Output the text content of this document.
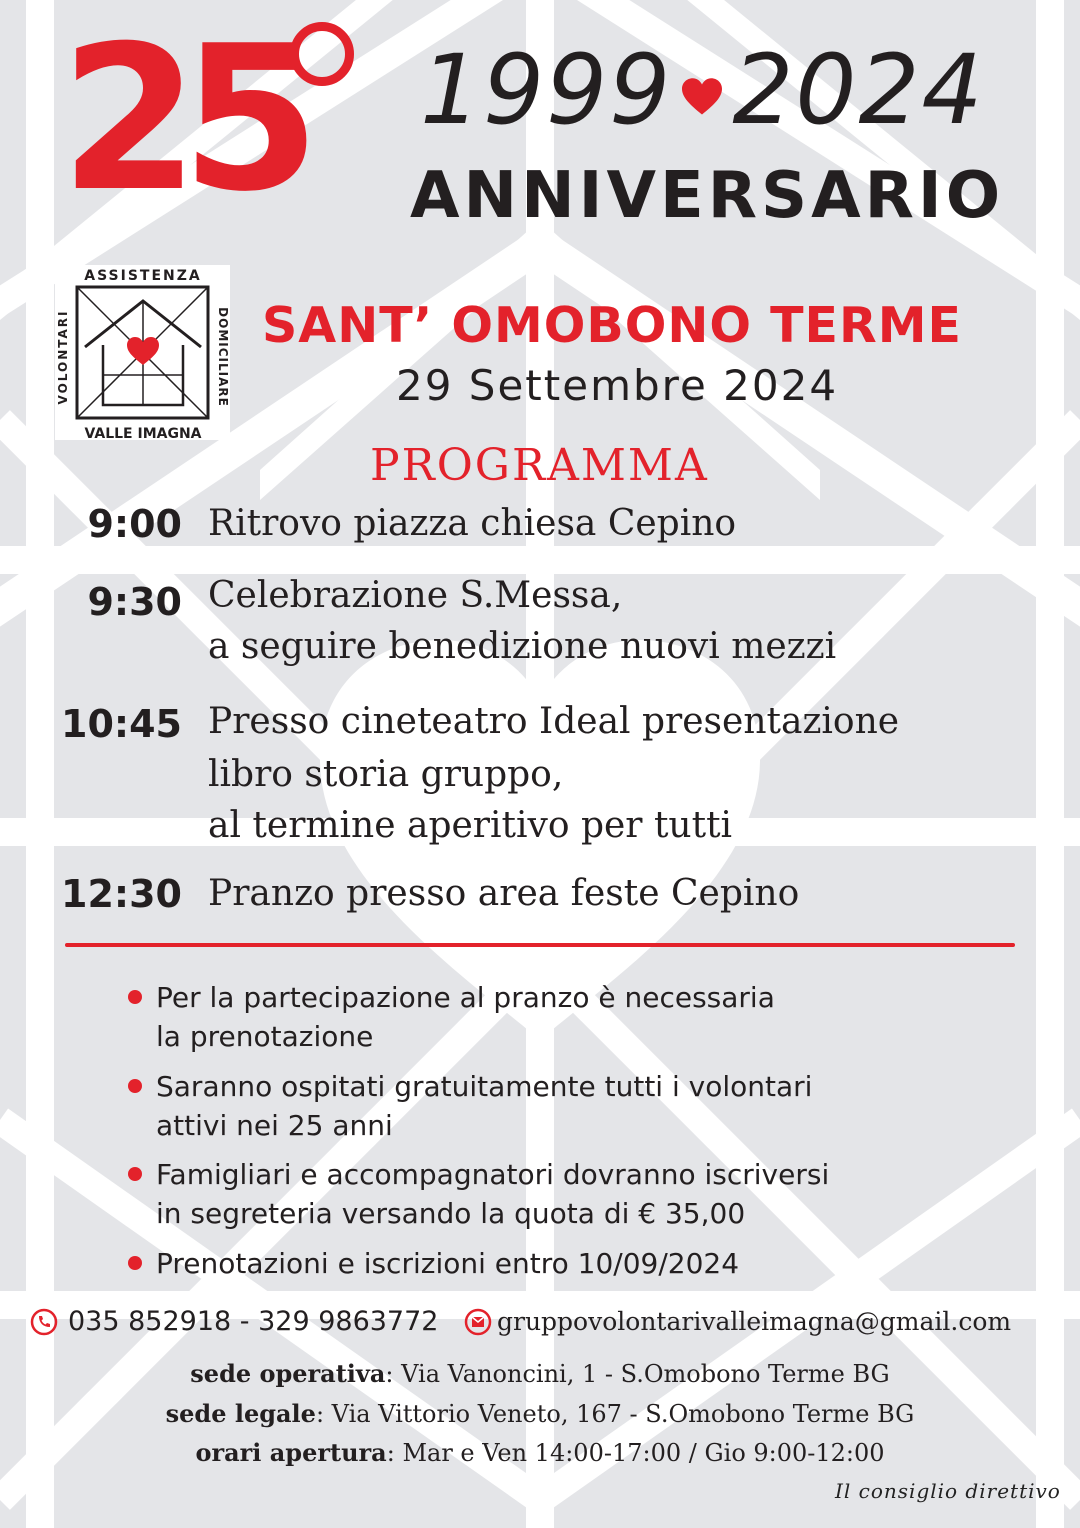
25 1999 2024
ANNIVERSARIO
ASSISTENZA
VALLE IMAGNA
VOLONTARI	DOMICILIARE SANT’ OMOBONO TERME
29 Settembre 2024
PROGRAMMA
9:00 Ritrovo piazza chiesa Cepino
9:30 Celebrazione S.Messa,
a seguire benedizione nuovi mezzi
10:45 Presso cineteatro Ideal presentazione
libro storia gruppo,
al termine aperitivo per tutti
12:30 Pranzo presso area feste Cepino
Per la partecipazione al pranzo è necessaria
la prenotazione
Saranno ospitati gratuitamente tutti i volontari
attivi nei 25 anni
Famigliari e accompagnatori dovranno iscriversi
in segreteria versando la quota di € 35,00
Prenotazioni e iscrizioni entro 10/09/2024
035 852918 - 329 9863772 gruppovolontarivalleimagna@gmail.com
sede operativa: Via Vanoncini, 1 - S.Omobono Terme BG
sede legale: Via Vittorio Veneto, 167 - S.Omobono Terme BG
orari apertura: Mar e Ven 14:00-17:00 / Gio 9:00-12:00
Il consiglio direttivo
